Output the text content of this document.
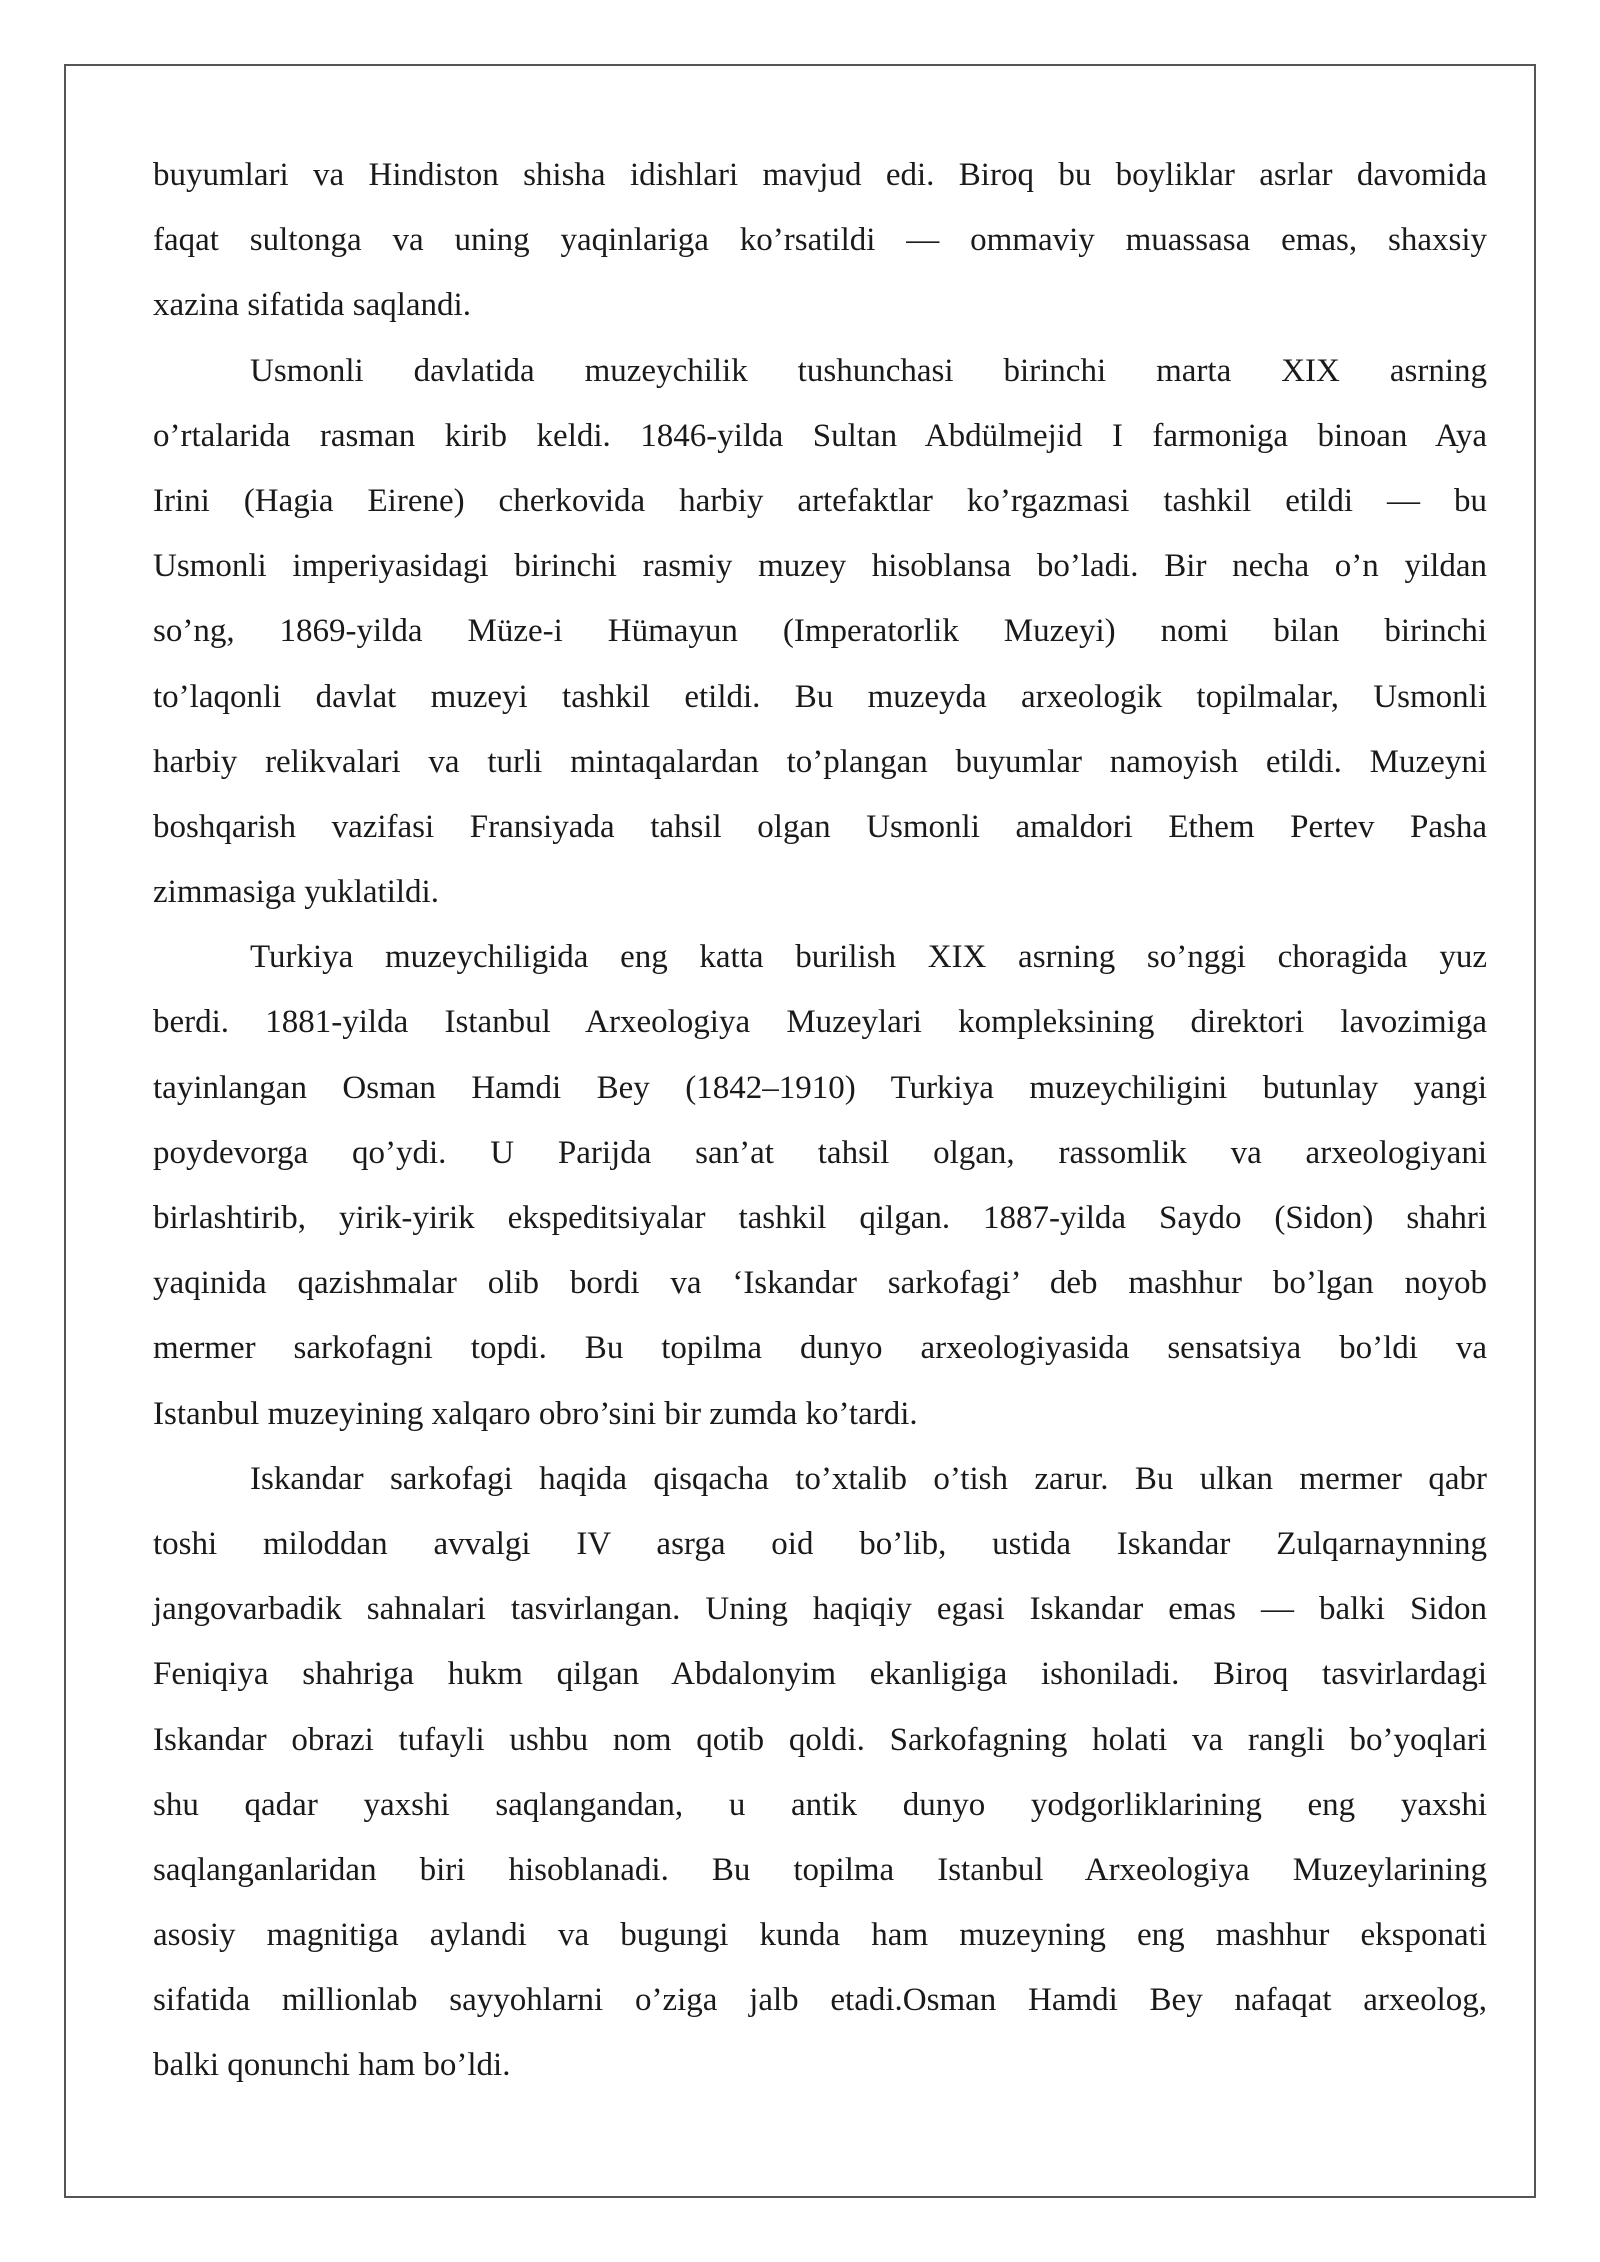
buyumlari va Hindiston shisha idishlari mavjud edi. Biroq bu boyliklar asrlar davomida
faqat sultonga va uning yaqinlariga ko’rsatildi — ommaviy muassasa emas, shaxsiy
xazina sifatida saqlandi.
Usmonli davlatida muzeychilik tushunchasi birinchi marta XIX asrning
o’rtalarida rasman kirib keldi. 1846-yilda Sultan Abdülmejid I farmoniga binoan Aya
Irini (Hagia Eirene) cherkovida harbiy artefaktlar ko’rgazmasi tashkil etildi — bu
Usmonli imperiyasidagi birinchi rasmiy muzey hisoblansa bo’ladi. Bir necha o’n yildan
so’ng, 1869-yilda Müze-i Hümayun (Imperatorlik Muzeyi) nomi bilan birinchi
to’laqonli davlat muzeyi tashkil etildi. Bu muzeyda arxeologik topilmalar, Usmonli
harbiy relikvalari va turli mintaqalardan to’plangan buyumlar namoyish etildi. Muzeyni
boshqarish vazifasi Fransiyada tahsil olgan Usmonli amaldori Ethem Pertev Pasha
zimmasiga yuklatildi.
Turkiya muzeychiligida eng katta burilish XIX asrning so’nggi choragida yuz
berdi. 1881-yilda Istanbul Arxeologiya Muzeylari kompleksining direktori lavozimiga
tayinlangan Osman Hamdi Bey (1842–1910) Turkiya muzeychiligini butunlay yangi
poydevorga qo’ydi. U Parijda san’at tahsil olgan, rassomlik va arxeologiyani
birlashtirib, yirik-yirik ekspeditsiyalar tashkil qilgan. 1887-yilda Saydo (Sidon) shahri
yaqinida qazishmalar olib bordi va ‘Iskandar sarkofagi’ deb mashhur bo’lgan noyob
mermer sarkofagni topdi. Bu topilma dunyo arxeologiyasida sensatsiya bo’ldi va
Istanbul muzeyining xalqaro obro’sini bir zumda ko’tardi.
Iskandar sarkofagi haqida qisqacha to’xtalib o’tish zarur. Bu ulkan mermer qabr
toshi miloddan avvalgi IV asrga oid bo’lib, ustida Iskandar Zulqarnaynning
jangovarbadik sahnalari tasvirlangan. Uning haqiqiy egasi Iskandar emas — balki Sidon
Feniqiya shahriga hukm qilgan Abdalonyim ekanligiga ishoniladi. Biroq tasvirlardagi
Iskandar obrazi tufayli ushbu nom qotib qoldi. Sarkofagning holati va rangli bo’yoqlari
shu qadar yaxshi saqlangandan, u antik dunyo yodgorliklarining eng yaxshi
saqlanganlaridan biri hisoblanadi. Bu topilma Istanbul Arxeologiya Muzeylarining
asosiy magnitiga aylandi va bugungi kunda ham muzeyning eng mashhur eksponati
sifatida millionlab sayyohlarni o’ziga jalb etadi.Osman Hamdi Bey nafaqat arxeolog,
balki qonunchi ham bo’ldi.
